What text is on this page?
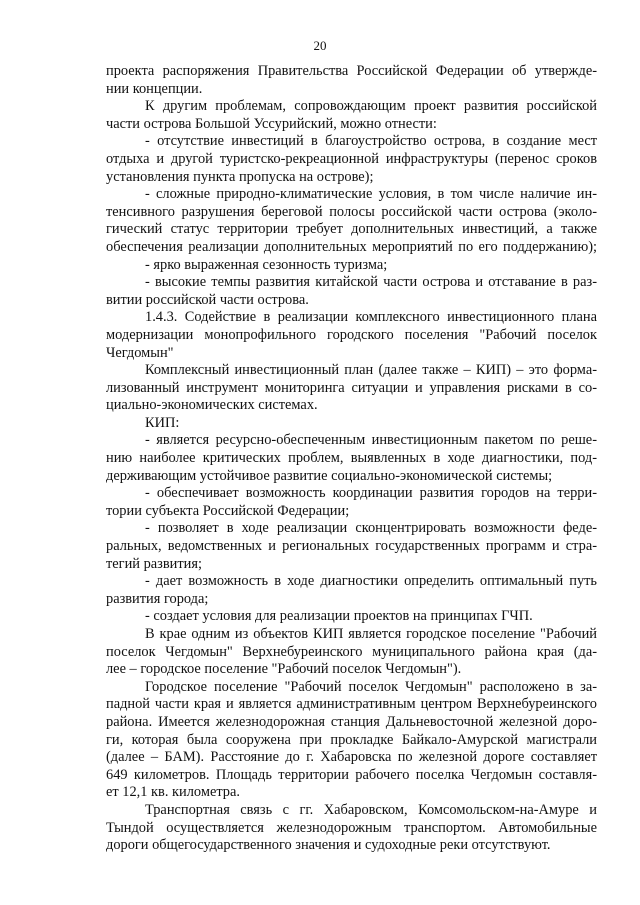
20
проекта распоряжения Правительства Российской Федерации об утвержде-
нии концепции.
К другим проблемам, сопровождающим проект развития российской
части острова Большой Уссурийский, можно отнести:
- отсутствие инвестиций в благоустройство острова, в создание мест
отдыха и другой туристско-рекреационной инфраструктуры (перенос сроков
установления пункта пропуска на острове);
- сложные природно-климатические условия, в том числе наличие ин-
тенсивного разрушения береговой полосы российской части острова (эколо-
гический статус территории требует дополнительных инвестиций, а также
обеспечения реализации дополнительных мероприятий по его поддержанию);
- ярко выраженная сезонность туризма;
- высокие темпы развития китайской части острова и отставание в раз-
витии российской части острова.
1.4.3. Содействие в реализации комплексного инвестиционного плана
модернизации монопрофильного городского поселения "Рабочий поселок
Чегдомын"
Комплексный инвестиционный план (далее также – КИП) – это форма-
лизованный инструмент мониторинга ситуации и управления рисками в со-
циально-экономических системах.
КИП:
- является ресурсно-обеспеченным инвестиционным пакетом по реше-
нию наиболее критических проблем, выявленных в ходе диагностики, под-
держивающим устойчивое развитие социально-экономической системы;
- обеспечивает возможность координации развития городов на терри-
тории субъекта Российской Федерации;
- позволяет в ходе реализации сконцентрировать возможности феде-
ральных, ведомственных и региональных государственных программ и стра-
тегий развития;
- дает возможность в ходе диагностики определить оптимальный путь
развития города;
- создает условия для реализации проектов на принципах ГЧП.
В крае одним из объектов КИП является городское поселение "Рабочий
поселок Чегдомын" Верхнебуреинского муниципального района края (да-
лее – городское поселение "Рабочий поселок Чегдомын").
Городское поселение "Рабочий поселок Чегдомын" расположено в за-
падной части края и является административным центром Верхнебуреинского
района. Имеется железнодорожная станция Дальневосточной железной доро-
ги, которая была сооружена при прокладке Байкало-Амурской магистрали
(далее – БАМ). Расстояние до г. Хабаровска по железной дороге составляет
649 километров. Площадь территории рабочего поселка Чегдомын составля-
ет 12,1 кв. километра.
Транспортная связь с гг. Хабаровском, Комсомольском-на-Амуре и
Тындой осуществляется железнодорожным транспортом. Автомобильные
дороги общегосударственного значения и судоходные реки отсутствуют.
